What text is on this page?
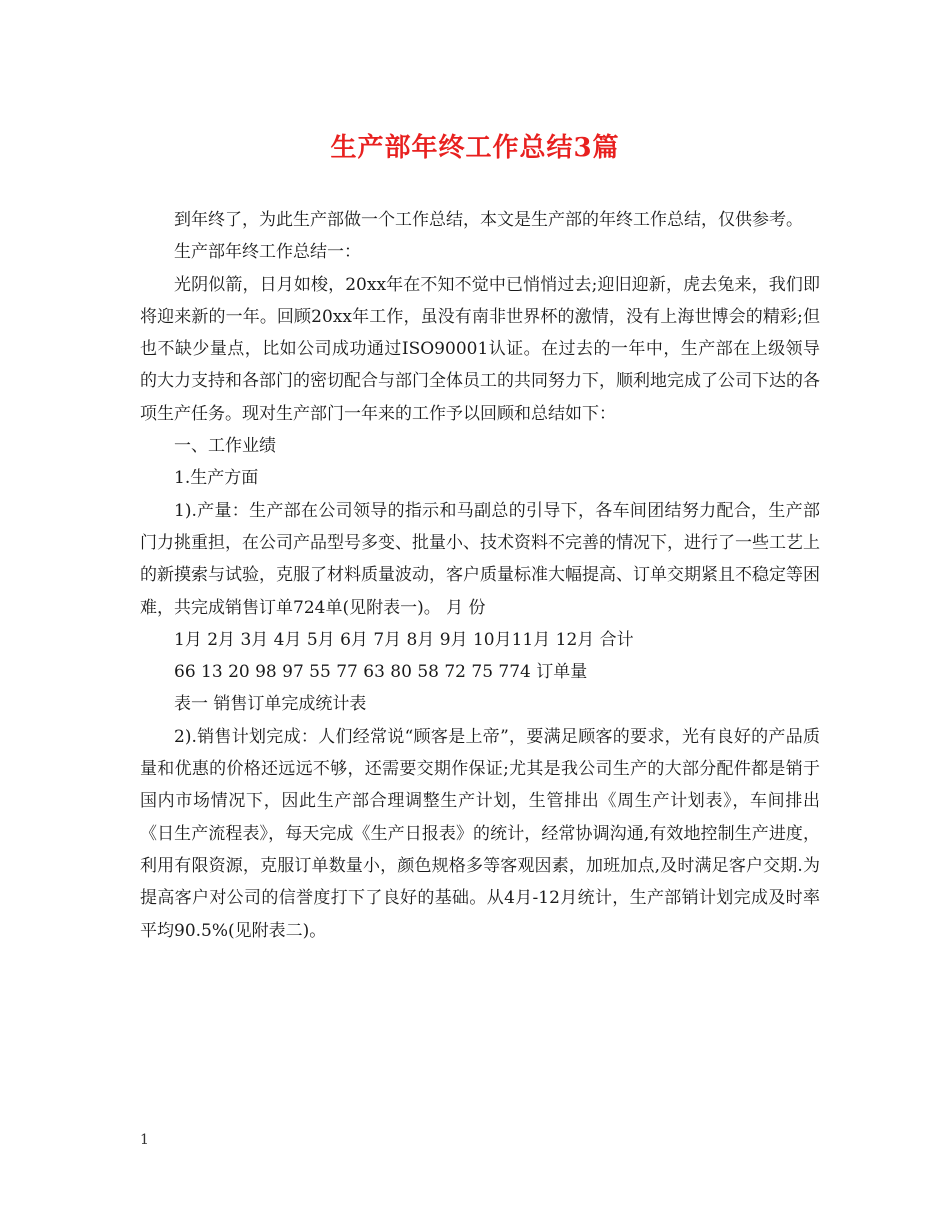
生产部年终工作总结3篇

到年终了，为此生产部做一个工作总结，本文是生产部的年终工作总结，仅供参考。

生产部年终工作总结一：

光阴似箭，日月如梭，20xx年在不知不觉中已悄悄过去;迎旧迎新，虎去兔来，我们即将迎来新的一年。回顾20xx年工作，虽没有南非世界杯的激情，没有上海世博会的精彩;但也不缺少量点，比如公司成功通过ISO90001认证。在过去的一年中，生产部在上级领导的大力支持和各部门的密切配合与部门全体员工的共同努力下，顺利地完成了公司下达的各项生产任务。现对生产部门一年来的工作予以回顾和总结如下：

一、工作业绩

1.生产方面

1).产量：生产部在公司领导的指示和马副总的引导下，各车间团结努力配合，生产部门力挑重担，在公司产品型号多变、批量小、技术资料不完善的情况下，进行了一些工艺上的新摸索与试验，克服了材料质量波动，客户质量标准大幅提高、订单交期紧且不稳定等困难，共完成销售订单724单(见附表一)。 月 份

1月 2月 3月 4月 5月 6月 7月 8月 9月 10月11月 12月 合计

66 13 20 98 97 55 77 63 80 58 72 75 774 订单量

表一 销售订单完成统计表

2).销售计划完成：人们经常说“顾客是上帝”，要满足顾客的要求，光有良好的产品质量和优惠的价格还远远不够，还需要交期作保证;尤其是我公司生产的大部分配件都是销于国内市场情况下，因此生产部合理调整生产计划，生管排出《周生产计划表》，车间排出《日生产流程表》，每天完成《生产日报表》的统计，经常协调沟通,有效地控制生产进度，利用有限资源，克服订单数量小，颜色规格多等客观因素，加班加点,及时满足客户交期.为提高客户对公司的信誉度打下了良好的基础。从4月-12月统计，生产部销计划完成及时率平均90.5%(见附表二)。

1
